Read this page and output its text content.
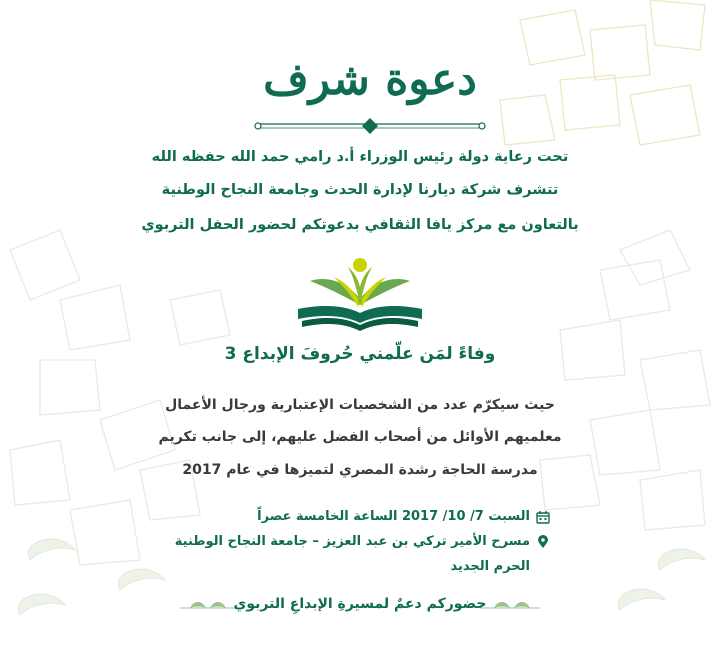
دعوة شرف
تحت رعاية دولة رئيس الوزراء أ.د رامي حمد الله حفظه الله
تتشرف شركة ديارنا لإدارة الحدث وجامعة النجاح الوطنية
بالتعاون مع مركز يافا الثقافي بدعوتكم لحضور الحفل التربوي
وفاءً لمَن علّمني حُروفَ الإبداع 3
حيث سيكرّم عدد من الشخصيات الإعتبارية ورجال الأعمال
معلميهم الأوائل من أصحاب الفضل عليهم، إلى جانب تكريم
مدرسة الحاجة رشدة المصري لتميزها في عام 2017
السبت 7/ 10/ 2017 الساعة الخامسة عصراً
مسرح الأمير تركي بن عبد العزيز – جامعة النجاح الوطنية
الحرم الجديد
حضوركم دعمٌ لمسيرةِ الإبداعِ التربوي
